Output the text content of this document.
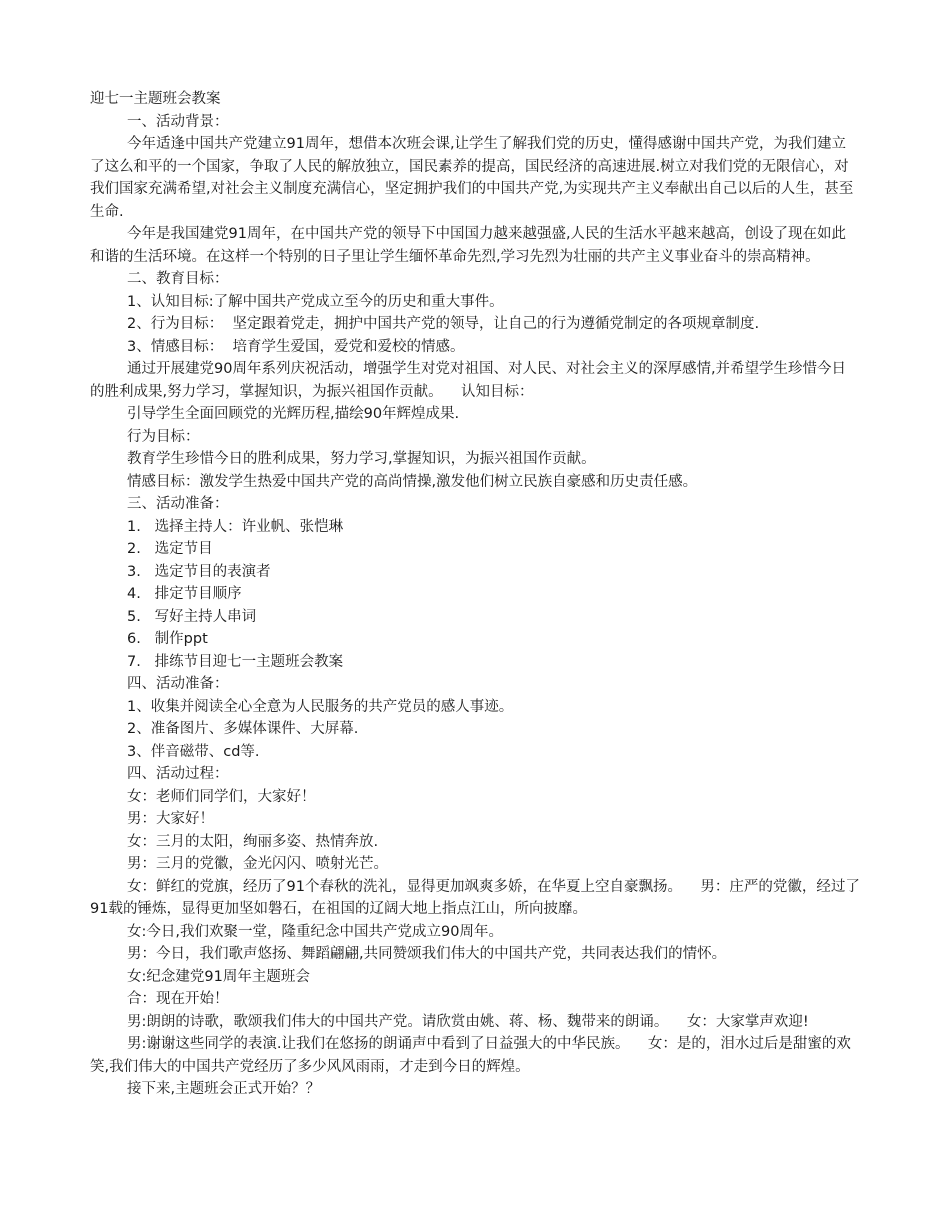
迎七一主题班会教案

一、活动背景：

今年适逢中国共产党建立91周年，想借本次班会课,让学生了解我们党的历史，懂得感谢中国共产党，为我们建立了这么和平的一个国家，争取了人民的解放独立，国民素养的提高，国民经济的高速进展.树立对我们党的无限信心，对我们国家充满希望,对社会主义制度充满信心，坚定拥护我们的中国共产党,为实现共产主义奉献出自己以后的人生，甚至生命.

今年是我国建党91周年，在中国共产党的领导下中国国力越来越强盛,人民的生活水平越来越高，创设了现在如此和谐的生活环境。在这样一个特别的日子里让学生缅怀革命先烈,学习先烈为壮丽的共产主义事业奋斗的崇高精神。

二、教育目标：

1、认知目标:了解中国共产党成立至今的历史和重大事件。

2、行为目标：  坚定跟着党走，拥护中国共产党的领导，让自己的行为遵循党制定的各项规章制度.

3、情感目标：  培育学生爱国，爱党和爱校的情感。

通过开展建党90周年系列庆祝活动，增强学生对党对祖国、对人民、对社会主义的深厚感情,并希望学生珍惜今日的胜利成果,努力学习，掌握知识，为振兴祖国作贡献。    认知目标：

引导学生全面回顾党的光辉历程,描绘90年辉煌成果.

行为目标：

教育学生珍惜今日的胜利成果，努力学习,掌握知识，为振兴祖国作贡献。

情感目标：激发学生热爱中国共产党的高尚情操,激发他们树立民族自豪感和历史责任感。

三、活动准备：

1.   选择主持人：许业帆、张恺琳

2.   选定节目

3.   选定节目的表演者

4.   排定节目顺序

5.   写好主持人串词

6.   制作ppt

7.   排练节目迎七一主题班会教案

四、活动准备：

1、收集并阅读全心全意为人民服务的共产党员的感人事迹。

2、准备图片、多媒体课件、大屏幕.

3、伴音磁带、cd等.

四、活动过程：

女：老师们同学们，大家好！

男：大家好！

女：三月的太阳，绚丽多姿、热情奔放.

男：三月的党徽，金光闪闪、喷射光芒。

女：鲜红的党旗，经历了91个春秋的洗礼，显得更加飒爽多娇，在华夏上空自豪飘扬。    男：庄严的党徽，经过了91载的锤炼，显得更加坚如磐石，在祖国的辽阔大地上指点江山，所向披靡。

女:今日,我们欢聚一堂，隆重纪念中国共产党成立90周年。

男：今日，我们歌声悠扬、舞蹈翩翩,共同赞颂我们伟大的中国共产党，共同表达我们的情怀。

女:纪念建党91周年主题班会

合：现在开始！

男:朗朗的诗歌，歌颂我们伟大的中国共产党。请欣赏由姚、蒋、杨、魏带来的朗诵。    女：大家掌声欢迎!

男:谢谢这些同学的表演.让我们在悠扬的朗诵声中看到了日益强大的中华民族。    女：是的，泪水过后是甜蜜的欢笑,我们伟大的中国共产党经历了多少风风雨雨，才走到今日的辉煌。

接下来,主题班会正式开始？？
